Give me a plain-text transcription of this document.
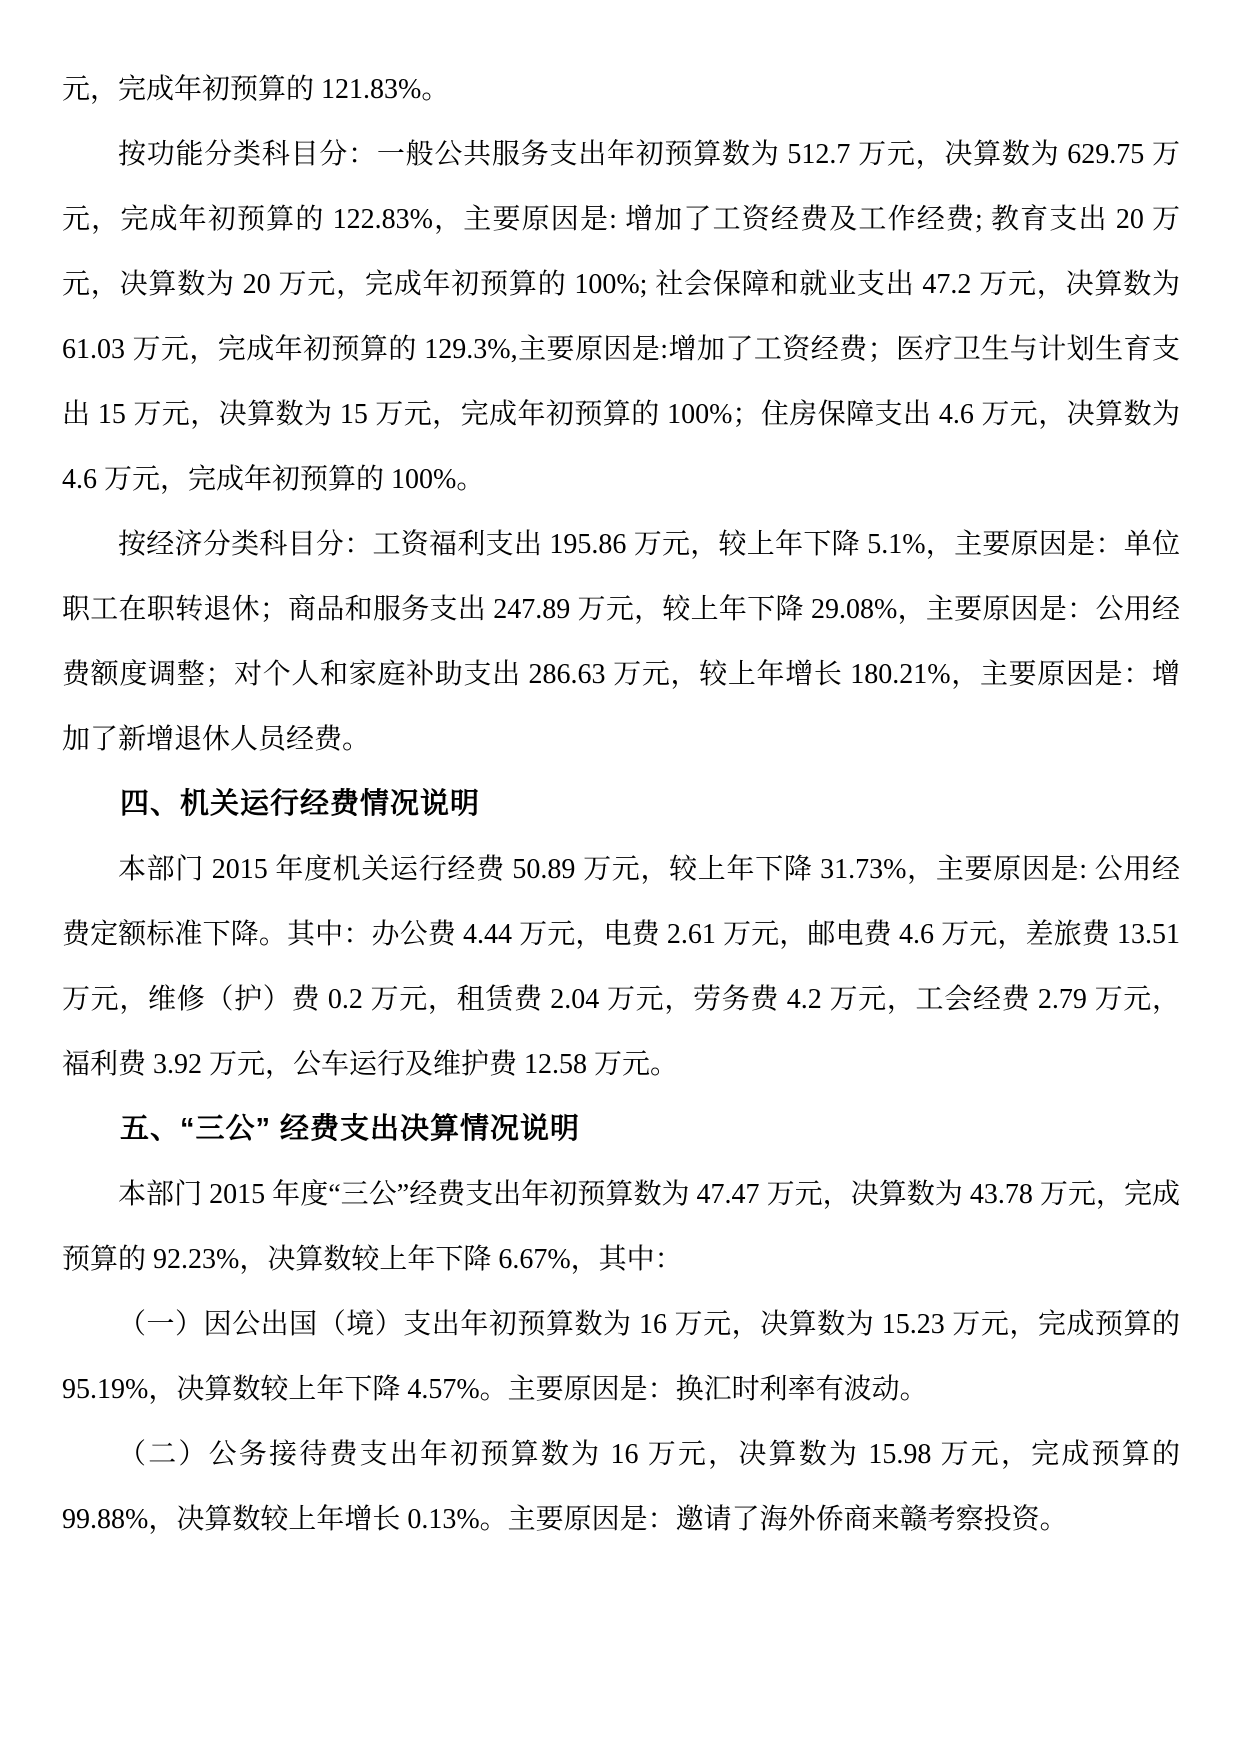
元，完成年初预算的 121.83%。

按功能分类科目分：一般公共服务支出年初预算数为 512.7 万元，决算数为 629.75 万元，完成年初预算的 122.83%，主要原因是: 增加了工资经费及工作经费; 教育支出 20 万元，决算数为 20 万元，完成年初预算的 100%; 社会保障和就业支出 47.2 万元，决算数为 61.03 万元，完成年初预算的 129.3%,主要原因是:增加了工资经费；医疗卫生与计划生育支出 15 万元，决算数为 15 万元，完成年初预算的 100%；住房保障支出 4.6 万元，决算数为 4.6 万元，完成年初预算的 100%。

按经济分类科目分：工资福利支出 195.86 万元，较上年下降 5.1%，主要原因是：单位职工在职转退休；商品和服务支出 247.89 万元，较上年下降 29.08%，主要原因是：公用经费额度调整；对个人和家庭补助支出 286.63 万元，较上年增长 180.21%，主要原因是：增加了新增退休人员经费。

四、机关运行经费情况说明

本部门 2015 年度机关运行经费 50.89 万元，较上年下降 31.73%，主要原因是: 公用经费定额标准下降。其中：办公费 4.44 万元，电费 2.61 万元，邮电费 4.6 万元，差旅费 13.51 万元，维修（护）费 0.2 万元，租赁费 2.04 万元，劳务费 4.2 万元，工会经费 2.79 万元，福利费 3.92 万元，公车运行及维护费 12.58 万元。

五、“三公” 经费支出决算情况说明

本部门 2015 年度“三公”经费支出年初预算数为 47.47 万元，决算数为 43.78 万元，完成预算的 92.23%，决算数较上年下降 6.67%，其中：

（一）因公出国（境）支出年初预算数为 16 万元，决算数为 15.23 万元，完成预算的 95.19%，决算数较上年下降 4.57%。主要原因是：换汇时利率有波动。

（二）公务接待费支出年初预算数为 16 万元，决算数为 15.98 万元，完成预算的 99.88%，决算数较上年增长 0.13%。主要原因是：邀请了海外侨商来赣考察投资。
